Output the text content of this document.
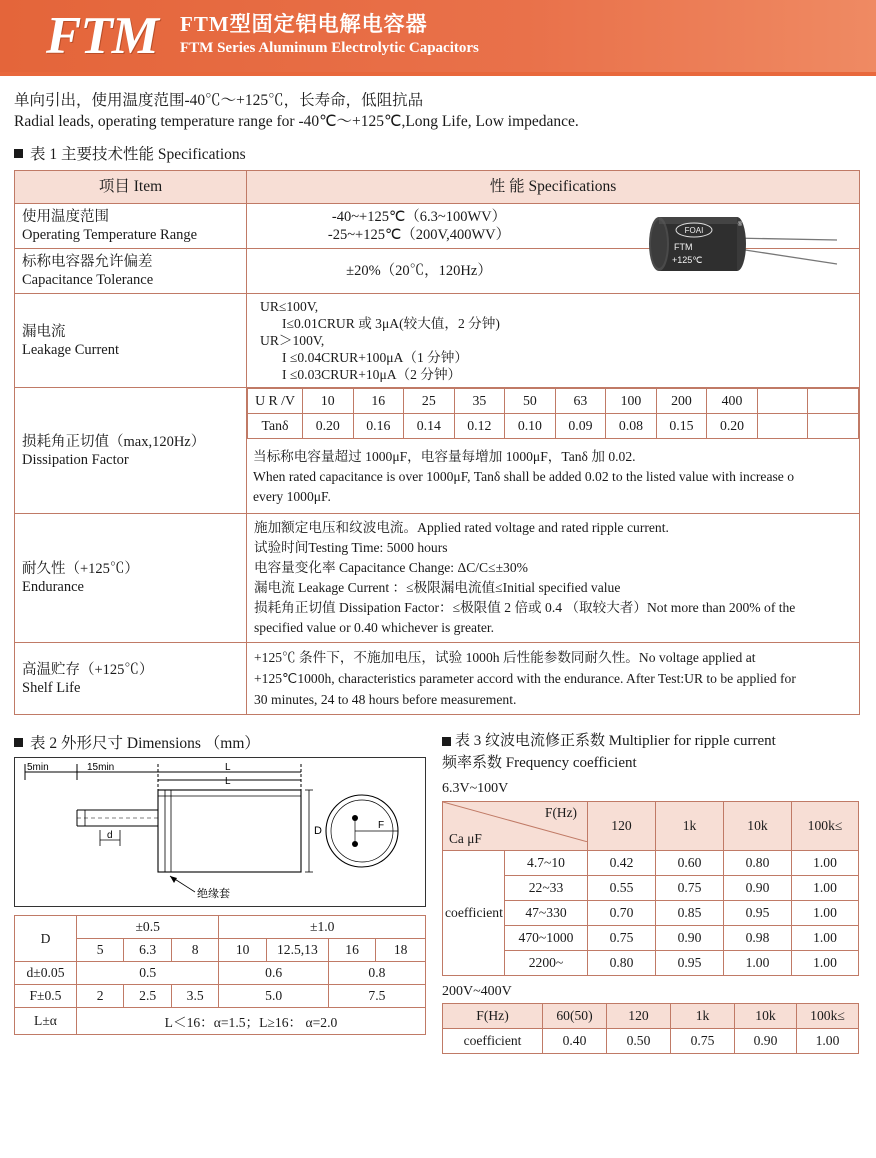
FTM FTM型固定铝电解电容器
FTM Series Aluminum Electrolytic Capacitors
单向引出，使用温度范围-40℃～+125℃，长寿命，低阻抗品
Radial leads, operating temperature range for -40℃～+125℃,Long Life, Low impedance.
表 1 主要技术性能 Specifications
项目 Item	性 能 Specifications

使用温度范围
Operating Temperature Range

-40~+125℃（6.3~100WV）
-25~+125℃（200V,400WV）	FOAI
®
FTM
+125℃

标称电容器允许偏差
Capacitance Tolerance

±20%（20℃，120Hz）

漏电流
Leakage Current

UR≤100V,
I≤0.01CRUR 或 3μA(较大值，2 分钟)
UR＞100V,
I ≤0.04CRUR+100μA（1 分钟）
I ≤0.03CRUR+10μA（2 分钟）

损耗角正切值（max,120Hz）
Dissipation Factor

U R /V	10	16	25	35	50	63	100	200	400		
Tanδ	0.20	0.16	0.14	0.12	0.10	0.09	0.08	0.15	0.20		
当标称电容量超过 1000μF，电容量每增加 1000μF，Tanδ 加 0.02.
When rated capacitance is over 1000μF, Tanδ shall be added 0.02 to the listed value with increase o
every 1000μF.

耐久性（+125℃）
Endurance

施加额定电压和纹波电流。Applied rated voltage and rated ripple current.
试验时间Testing Time: 5000 hours
电容量变化率 Capacitance Change: ΔC/C≤±30%
漏电流 Leakage Current ：≤极限漏电流值≤Initial specified value
损耗角正切值 Dissipation Factor：≤极限值 2 倍或 0.4 （取较大者）Not more than 200% of the
specified value or 0.40 whichever is greater.

高温贮存（+125℃）
Shelf Life

+125℃ 条件下，不施加电压，试验 1000h 后性能参数同耐久性。No voltage applied at
+125℃1000h, characteristics parameter accord with the endurance. After Test:UR to be applied for
30 minutes, 24 to 48 hours before measurement.
表 2 外形尺寸 Dimensions （mm）
5min	15min	L
L
d	D	F
绝缘套
D	±0.5			±1.0			
	5	6.3	8	10	12.5,13	16	18
d±0.05	0.5			0.6		0.8	
F±0.5	2	2.5	3.5	5.0		7.5	
L±α	L＜16：α=1.5；L≥16： α=2.0						
表 3 纹波电流修正系数 Multiplier for ripple current
频率系数 Frequency coefficient
6.3V~100V
F(Hz)
Ca μF
	120	1k	10k	100k≤

coefficient	4.7~10	0.42	0.60	0.80	1.00
	22~33	0.55	0.75	0.90	1.00
	47~330	0.70	0.85	0.95	1.00
	470~1000	0.75	0.90	0.98	1.00
	2200~	0.80	0.95	1.00	1.00
200V~400V
F(Hz)	60(50)	120	1k	10k	100k≤
coefficient	0.40	0.50	0.75	0.90	1.00
